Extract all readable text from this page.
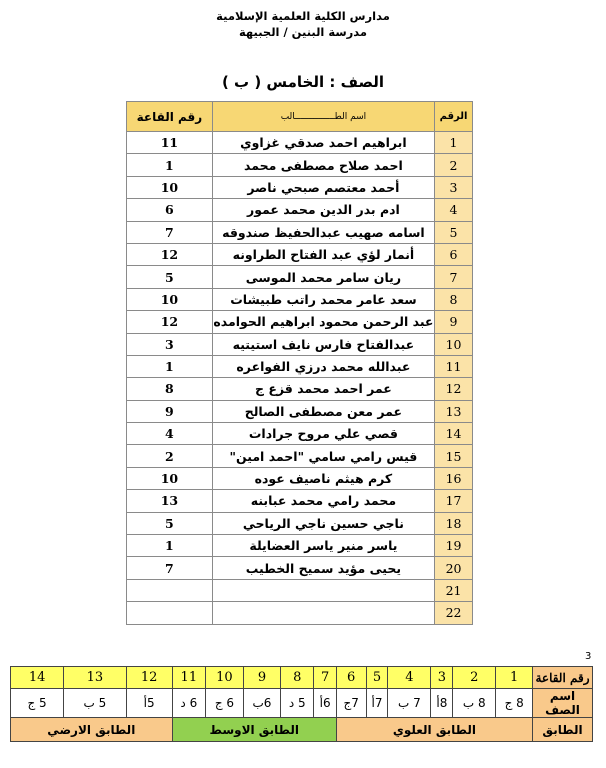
مدارس الكلية العلمية الإسلامية
مدرسة البنين / الجبيهة
الصف : الخامس ( ب )
الرقم	اسم الطـــــــــــــــالب	رقم القاعة
1	ابراهيم احمد صدقي غزاوي	11
2	احمد صلاح مصطفى محمد	1
3	أحمد معتصم صبحي ناصر	10
4	ادم بدر الدين محمد عمور	6
5	اسامه صهيب عبدالحفيظ صندوقه	7
6	أنمار لؤي عبد الفتاح الطراونه	12
7	ريان سامر محمد الموسى	5
8	سعد عامر محمد راتب طبيشات	10
9	عبد الرحمن محمود ابراهيم الحوامده	12
10	عبدالفتاح فارس نايف استيتيه	3
11	عبدالله محمد درزي الفواعره	1
12	عمر احمد محمد قزع ج	8
13	عمر معن مصطفى الصالح	9
14	قصي علي مروح جرادات	4
15	قيس رامي سامي "احمد امين"	2
16	كرم هيثم ناصيف عوده	10
17	محمد رامي محمد عبابنه	13
18	ناجي حسين ناجي الرياحي	5
19	ياسر منير ياسر العضايلة	1
20	يحيى مؤيد سميح الخطيب	7
21		
22		
3
رقم القاعة	1	2	3	4	5	6	7	8	9	10	11	12	13	14
اسم الصف	8 ج	8 ب	8أ	7 ب	7أ	7ج	6أ	5 د	6ب	6 ج	6 د	5أ	5 ب	5 ج
الطابق	الطابق العلوي						الطابق الاوسط					الطابق الارضي		
